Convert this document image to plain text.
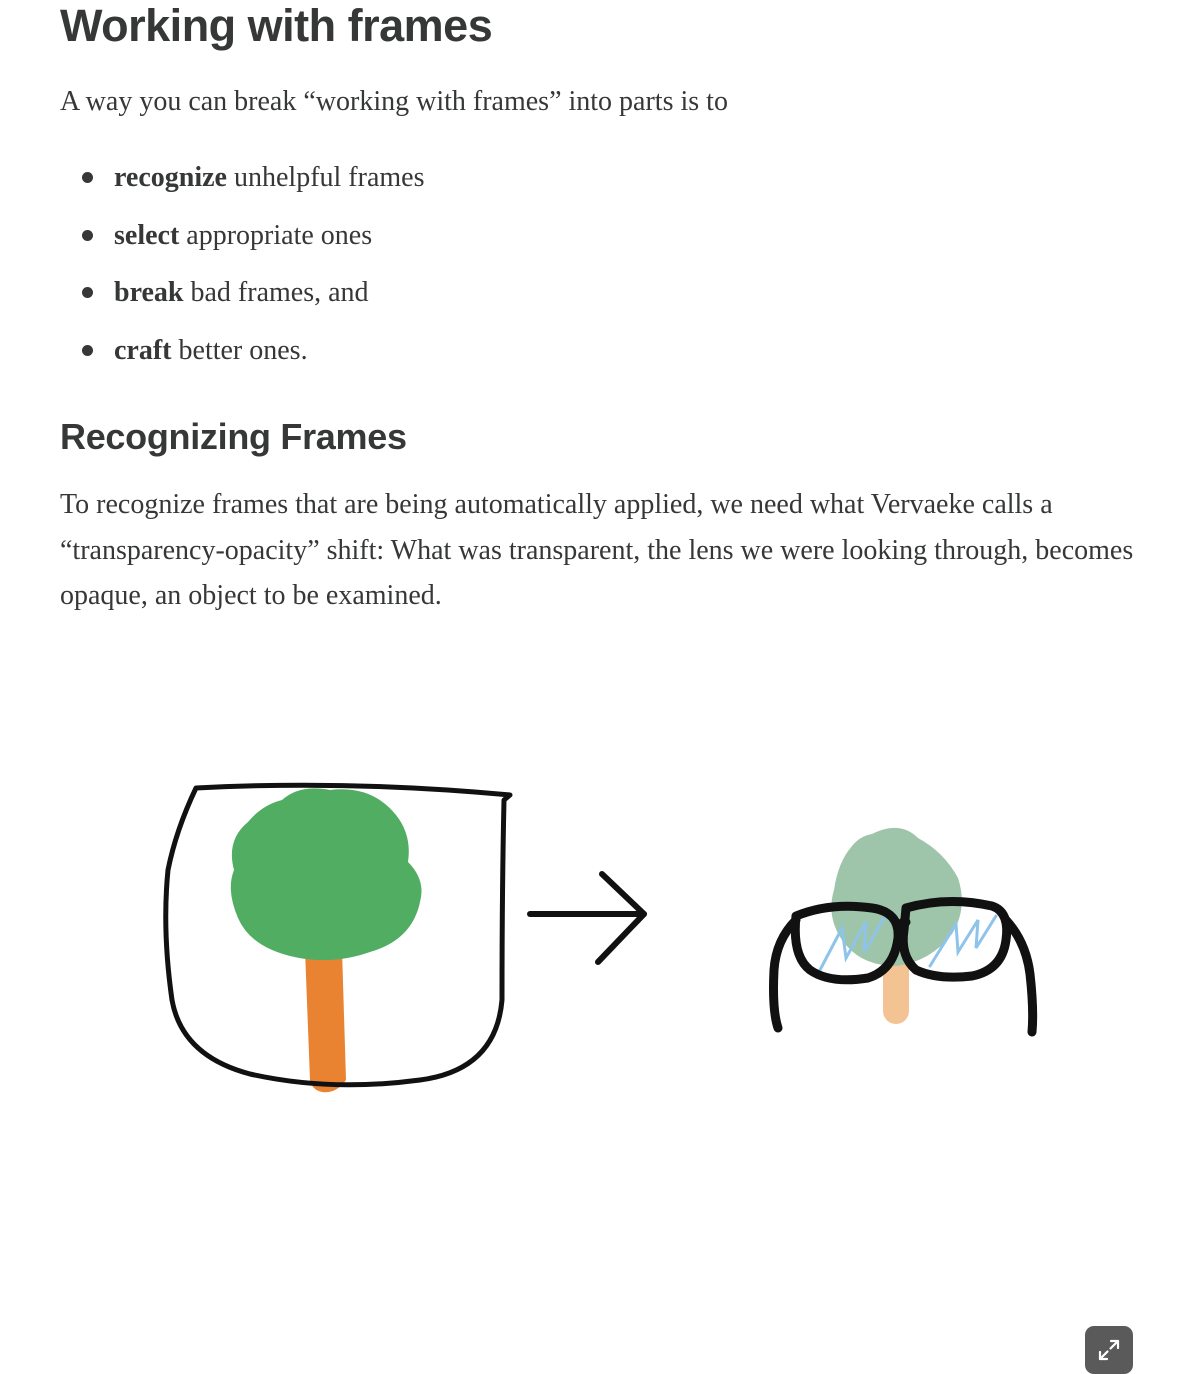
Working with frames

A way you can break “working with frames” into parts is to

recognize unhelpful frames
select appropriate ones
break bad frames, and
craft better ones.
Recognizing Frames

To recognize frames that are being automatically applied, we need what Vervaeke calls a “transparency-opacity” shift: What was transparent, the lens we were looking through, becomes opaque, an object to be examined.
